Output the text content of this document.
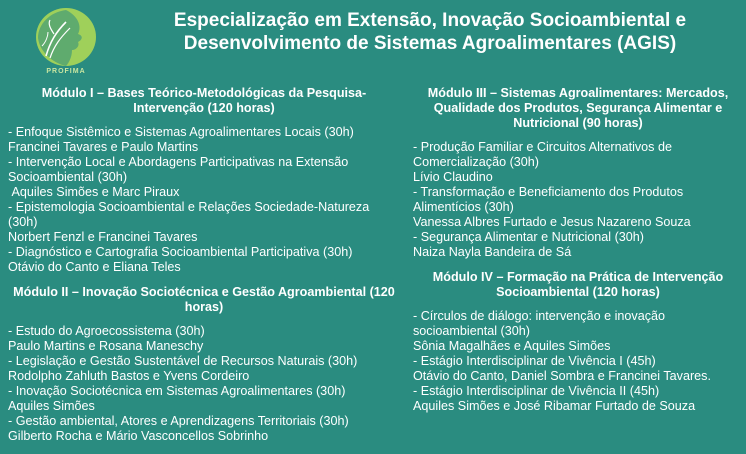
PROFIMA
Especialização em Extensão, Inovação Socioambiental e Desenvolvimento de Sistemas Agroalimentares (AGIS)
Módulo I – Bases Teórico-Metodológicas da Pesquisa-Intervenção (120 horas)

- Enfoque Sistêmico e Sistemas Agroalimentares Locais (30h)

Francinei Tavares e Paulo Martins

- Intervenção Local e Abordagens Participativas na Extensão Socioambiental (30h)

Aquiles Simões e Marc Piraux

- Epistemologia Socioambiental e Relações Sociedade-Natureza (30h)

Norbert Fenzl e Francinei Tavares

- Diagnóstico e Cartografia Socioambiental Participativa (30h)

Otávio do Canto e Eliana Teles

Módulo II – Inovação Sociotécnica e Gestão Agroambiental (120 horas)

- Estudo do Agroecossistema (30h)

Paulo Martins e Rosana Maneschy

- Legislação e Gestão Sustentável de Recursos Naturais (30h)

Rodolpho Zahluth Bastos e Yvens Cordeiro

- Inovação Sociotécnica em Sistemas Agroalimentares (30h)

Aquiles Simões

- Gestão ambiental, Atores e Aprendizagens Territoriais (30h)

Gilberto Rocha e Mário Vasconcellos Sobrinho

Módulo III – Sistemas Agroalimentares: Mercados, Qualidade dos Produtos, Segurança Alimentar e Nutricional (90 horas)

- Produção Familiar e Circuitos Alternativos de Comercialização (30h)

Lívio Claudino

- Transformação e Beneficiamento dos Produtos Alimentícios (30h)

Vanessa Albres Furtado e Jesus Nazareno Souza

- Segurança Alimentar e Nutricional (30h)

Naiza Nayla Bandeira de Sá

Módulo IV – Formação na Prática de Intervenção Socioambiental (120 horas)

- Círculos de diálogo: intervenção e inovação socioambiental (30h)

Sônia Magalhães e Aquiles Simões

- Estágio Interdisciplinar de Vivência I (45h)

Otávio do Canto, Daniel Sombra e Francinei Tavares.

- Estágio Interdisciplinar de Vivência II (45h)

Aquiles Simões e José Ribamar Furtado de Souza
